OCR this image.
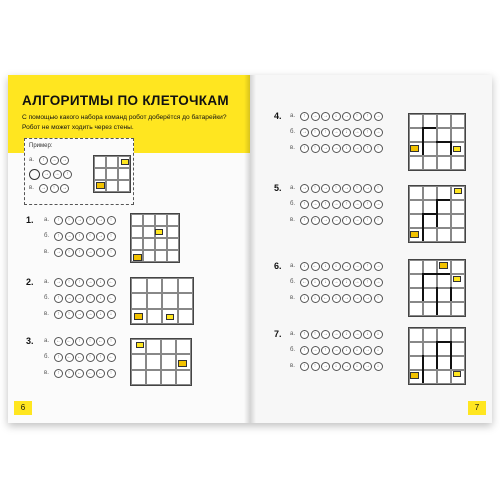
АЛГОРИТМЫ ПО КЛЕТОЧКАМ
С помощью какого набора команд робот доберётся до батарейки?
Робот не может ходить через стены.
Пример:
а.	↑	→	→
→	→	↑
в.	→	↑	→
1. а.	↑	↑	→	↑	→	↑
б.	↑	→	↑	↑	→	↑
в.	→	↑	↑	→	↑	↑
2. а.	→	↑	↑	→	↓	←
б.	↑	→	→	↑	↓	←
в.	↑	↑	→	→	↓	↓
3. а.	←	←	↑	↑	←	↑
б.	↑	←	←	↑	↑	←
в.	↑	↑	←	←	←	↑
6
4. а.	↑	→	→	↓	→	↑	↑	→
б.	→	↑	↑	→	↓	→	↑	→
в.	↑	↑	→	→	↓	→	↑	↑
5. а.	→	↑	→	↑	→	↑	→	↑
б.	↑	→	↑	→	↑	→	↑	→
в.	↑	↑	→	→	↑	→	↑	↑
6. а.	↓	←	↓	↓	→	→	↑	→
б.	←	↓	↓	→	↓	→	↑	→
в.	↓	↓	←	↓	→	→	→	↑
7. а.	↑	↑	→	→	↓	→	↓	↓
б.	↑	→	↑	→	↓	↓	→	↓
в.	↑	↑	→	↓	→	↓	→	↓
7
